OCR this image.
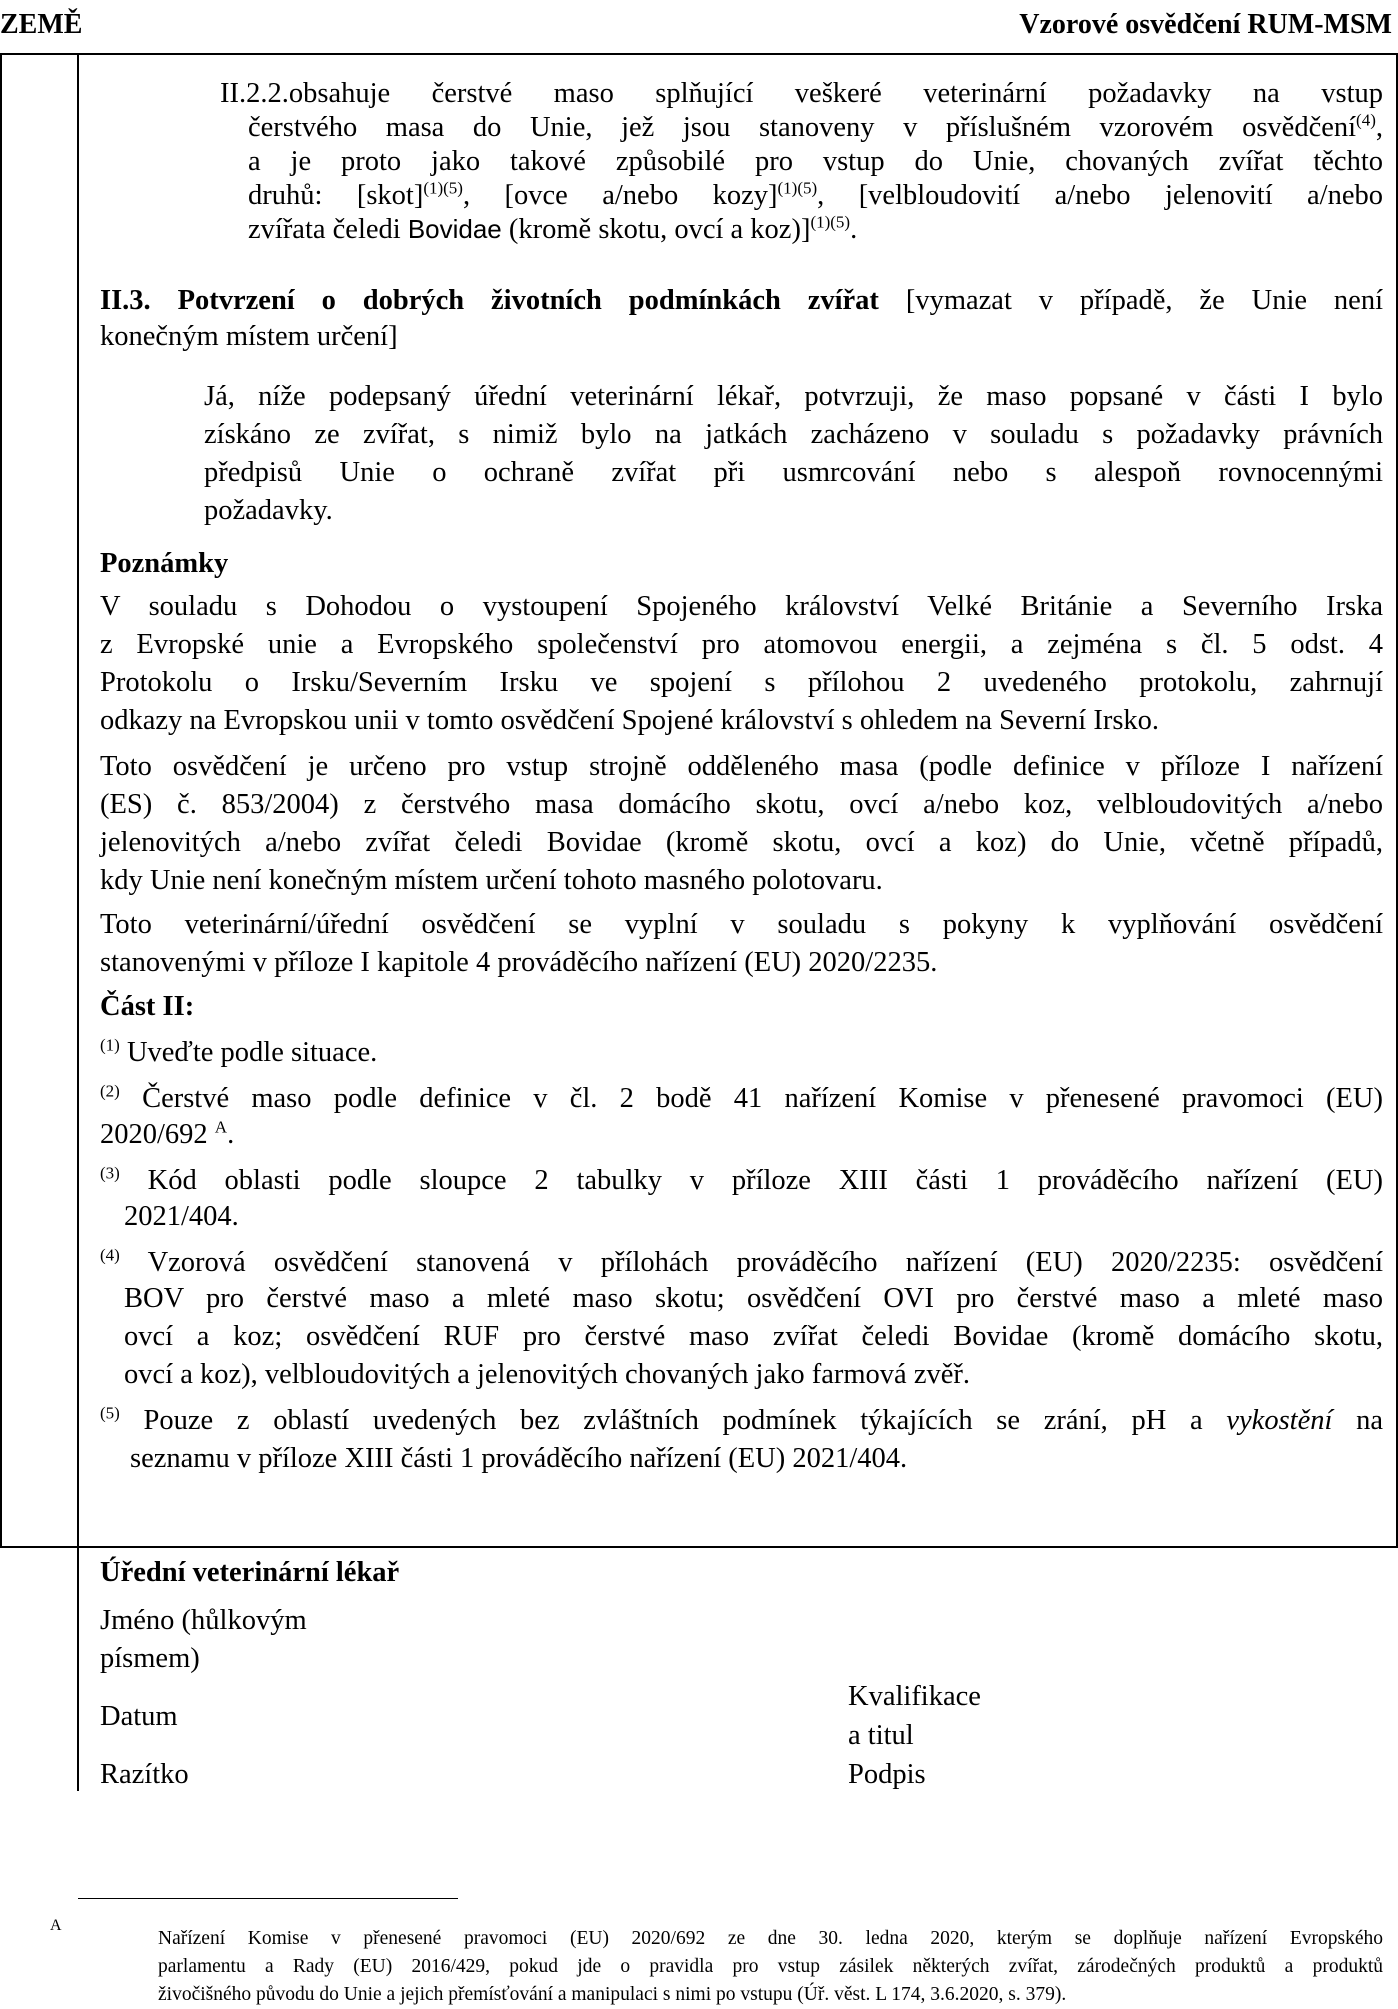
ZEMĚ	Vzorové osvědčení RUM-MSM
II.2.2.obsahuje čerstvé maso splňující veškeré veterinární požadavky na vstup
čerstvého masa do Unie, jež jsou stanoveny v příslušném vzorovém osvědčení$^{(4)}$,
a je proto jako takové způsobilé pro vstup do Unie, chovaných zvířat těchto
druhů: [skot]$^{(1)(5)}$, [ovce a/nebo kozy]$^{(1)(5)}$, [velbloudovití a/nebo jelenovití a/nebo
zvířata čeledi Bovidae (kromě skotu, ovcí a koz)]$^{(1)(5)}$.
II.3. Potvrzení o dobrých životních podmínkách zvířat [vymazat v případě, že Unie není
konečným místem určení]
Já, níže podepsaný úřední veterinární lékař, potvrzuji, že maso popsané v části I bylo
získáno ze zvířat, s nimiž bylo na jatkách zacházeno v souladu s požadavky právních
předpisů Unie o ochraně zvířat při usmrcování nebo s alespoň rovnocennými
požadavky.
Poznámky
V souladu s Dohodou o vystoupení Spojeného království Velké Británie a Severního Irska
z Evropské unie a Evropského společenství pro atomovou energii, a zejména s čl. 5 odst. 4
Protokolu o Irsku/Severním Irsku ve spojení s přílohou 2 uvedeného protokolu, zahrnují
odkazy na Evropskou unii v tomto osvědčení Spojené království s ohledem na Severní Irsko.
Toto osvědčení je určeno pro vstup strojně odděleného masa (podle definice v příloze I nařízení
(ES) č. 853/2004) z čerstvého masa domácího skotu, ovcí a/nebo koz, velbloudovitých a/nebo
jelenovitých a/nebo zvířat čeledi Bovidae (kromě skotu, ovcí a koz) do Unie, včetně případů,
kdy Unie není konečným místem určení tohoto masného polotovaru.
Toto veterinární/úřední osvědčení se vyplní v souladu s pokyny k vyplňování osvědčení
stanovenými v příloze I kapitole 4 prováděcího nařízení (EU) 2020/2235.
Část II:
$^{(1)}$ Uveďte podle situace.
$^{(2)}$ Čerstvé maso podle definice v čl. 2 bodě 41 nařízení Komise v přenesené pravomoci (EU)
2020/692 $^A$.
$^{(3)}$ Kód oblasti podle sloupce 2 tabulky v příloze XIII části 1 prováděcího nařízení (EU)
2021/404.
$^{(4)}$ Vzorová osvědčení stanovená v přílohách prováděcího nařízení (EU) 2020/2235: osvědčení
BOV pro čerstvé maso a mleté maso skotu; osvědčení OVI pro čerstvé maso a mleté maso
ovcí a koz; osvědčení RUF pro čerstvé maso zvířat čeledi Bovidae (kromě domácího skotu,
ovcí a koz), velbloudovitých a jelenovitých chovaných jako farmová zvěř.
$^{(5)}$ Pouze z oblastí uvedených bez zvláštních podmínek týkajících se zrání, pH a vykostění na
seznamu v příloze XIII části 1 prováděcího nařízení (EU) 2021/404.
Úřední veterinární lékař
Jméno (hůlkovým
písmem)
Datum
Razítko
Kvalifikace
a titul
Podpis
A
Nařízení Komise v přenesené pravomoci (EU) 2020/692 ze dne 30. ledna 2020, kterým se doplňuje nařízení Evropského
parlamentu a Rady (EU) 2016/429, pokud jde o pravidla pro vstup zásilek některých zvířat, zárodečných produktů a produktů
živočišného původu do Unie a jejich přemísťování a manipulaci s nimi po vstupu (Úř. věst. L 174, 3.6.2020, s. 379).
